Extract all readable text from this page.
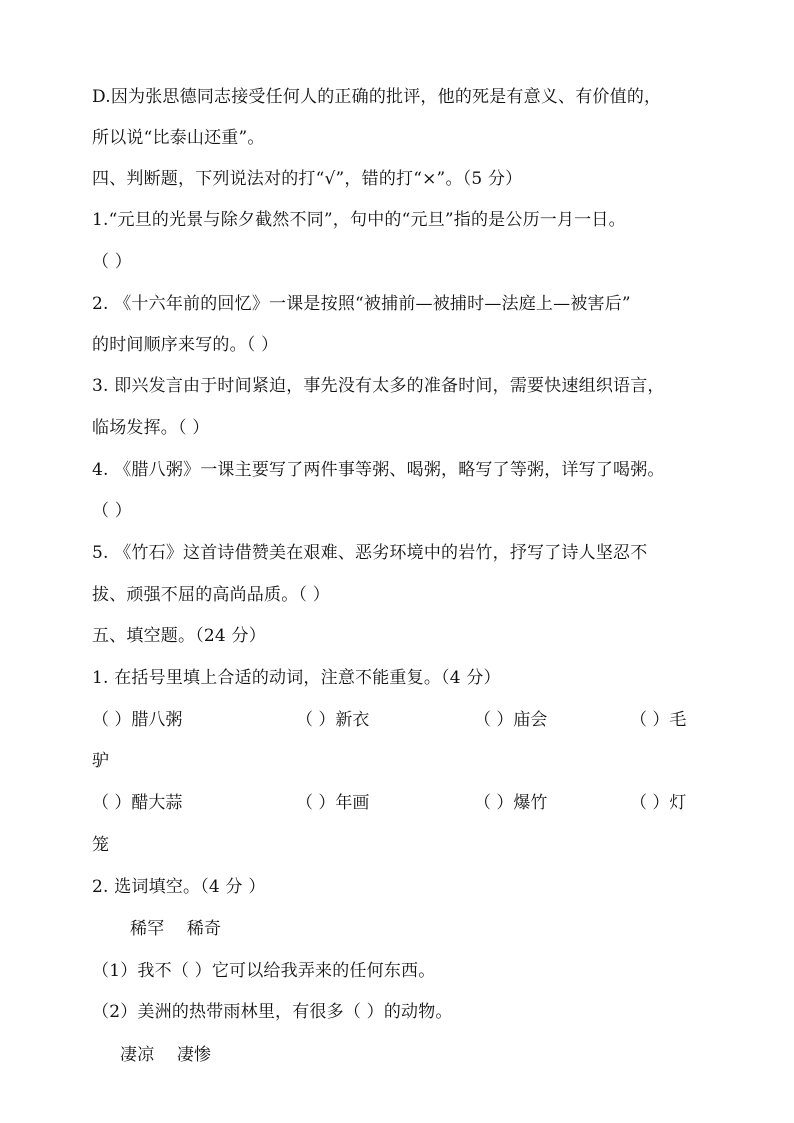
D.因为张思德同志接受任何人的正确的批评，他的死是有意义、有价值的，
所以说“比泰山还重”。
四、判断题，下列说法对的打“√”，错的打“×”。（5 分）
1.“元旦的光景与除夕截然不同”，句中的“元旦”指的是公历一月一日。
（ ）
2. 《十六年前的回忆》一课是按照“被捕前—被捕时—法庭上—被害后”
的时间顺序来写的。（ ）
3. 即兴发言由于时间紧迫，事先没有太多的准备时间，需要快速组织语言，
临场发挥。（ ）
4. 《腊八粥》一课主要写了两件事等粥、喝粥，略写了等粥，详写了喝粥。
（ ）
5. 《竹石》这首诗借赞美在艰难、恶劣环境中的岩竹，抒写了诗人坚忍不
拔、顽强不屈的高尚品质。（ ）
五、填空题。（24 分）
1. 在括号里填上合适的动词，注意不能重复。（4 分）
（ ）腊八粥	（ ）新衣	（ ）庙会	（ ）毛
驴
（ ）醋大蒜	（ ）年画	（ ）爆竹	（ ）灯
笼
2. 选词填空。（4 分 ）
稀罕    稀奇
（1）我不（ ）它可以给我弄来的任何东西。
（2）美洲的热带雨林里，有很多（ ）的动物。
凄凉    凄惨
